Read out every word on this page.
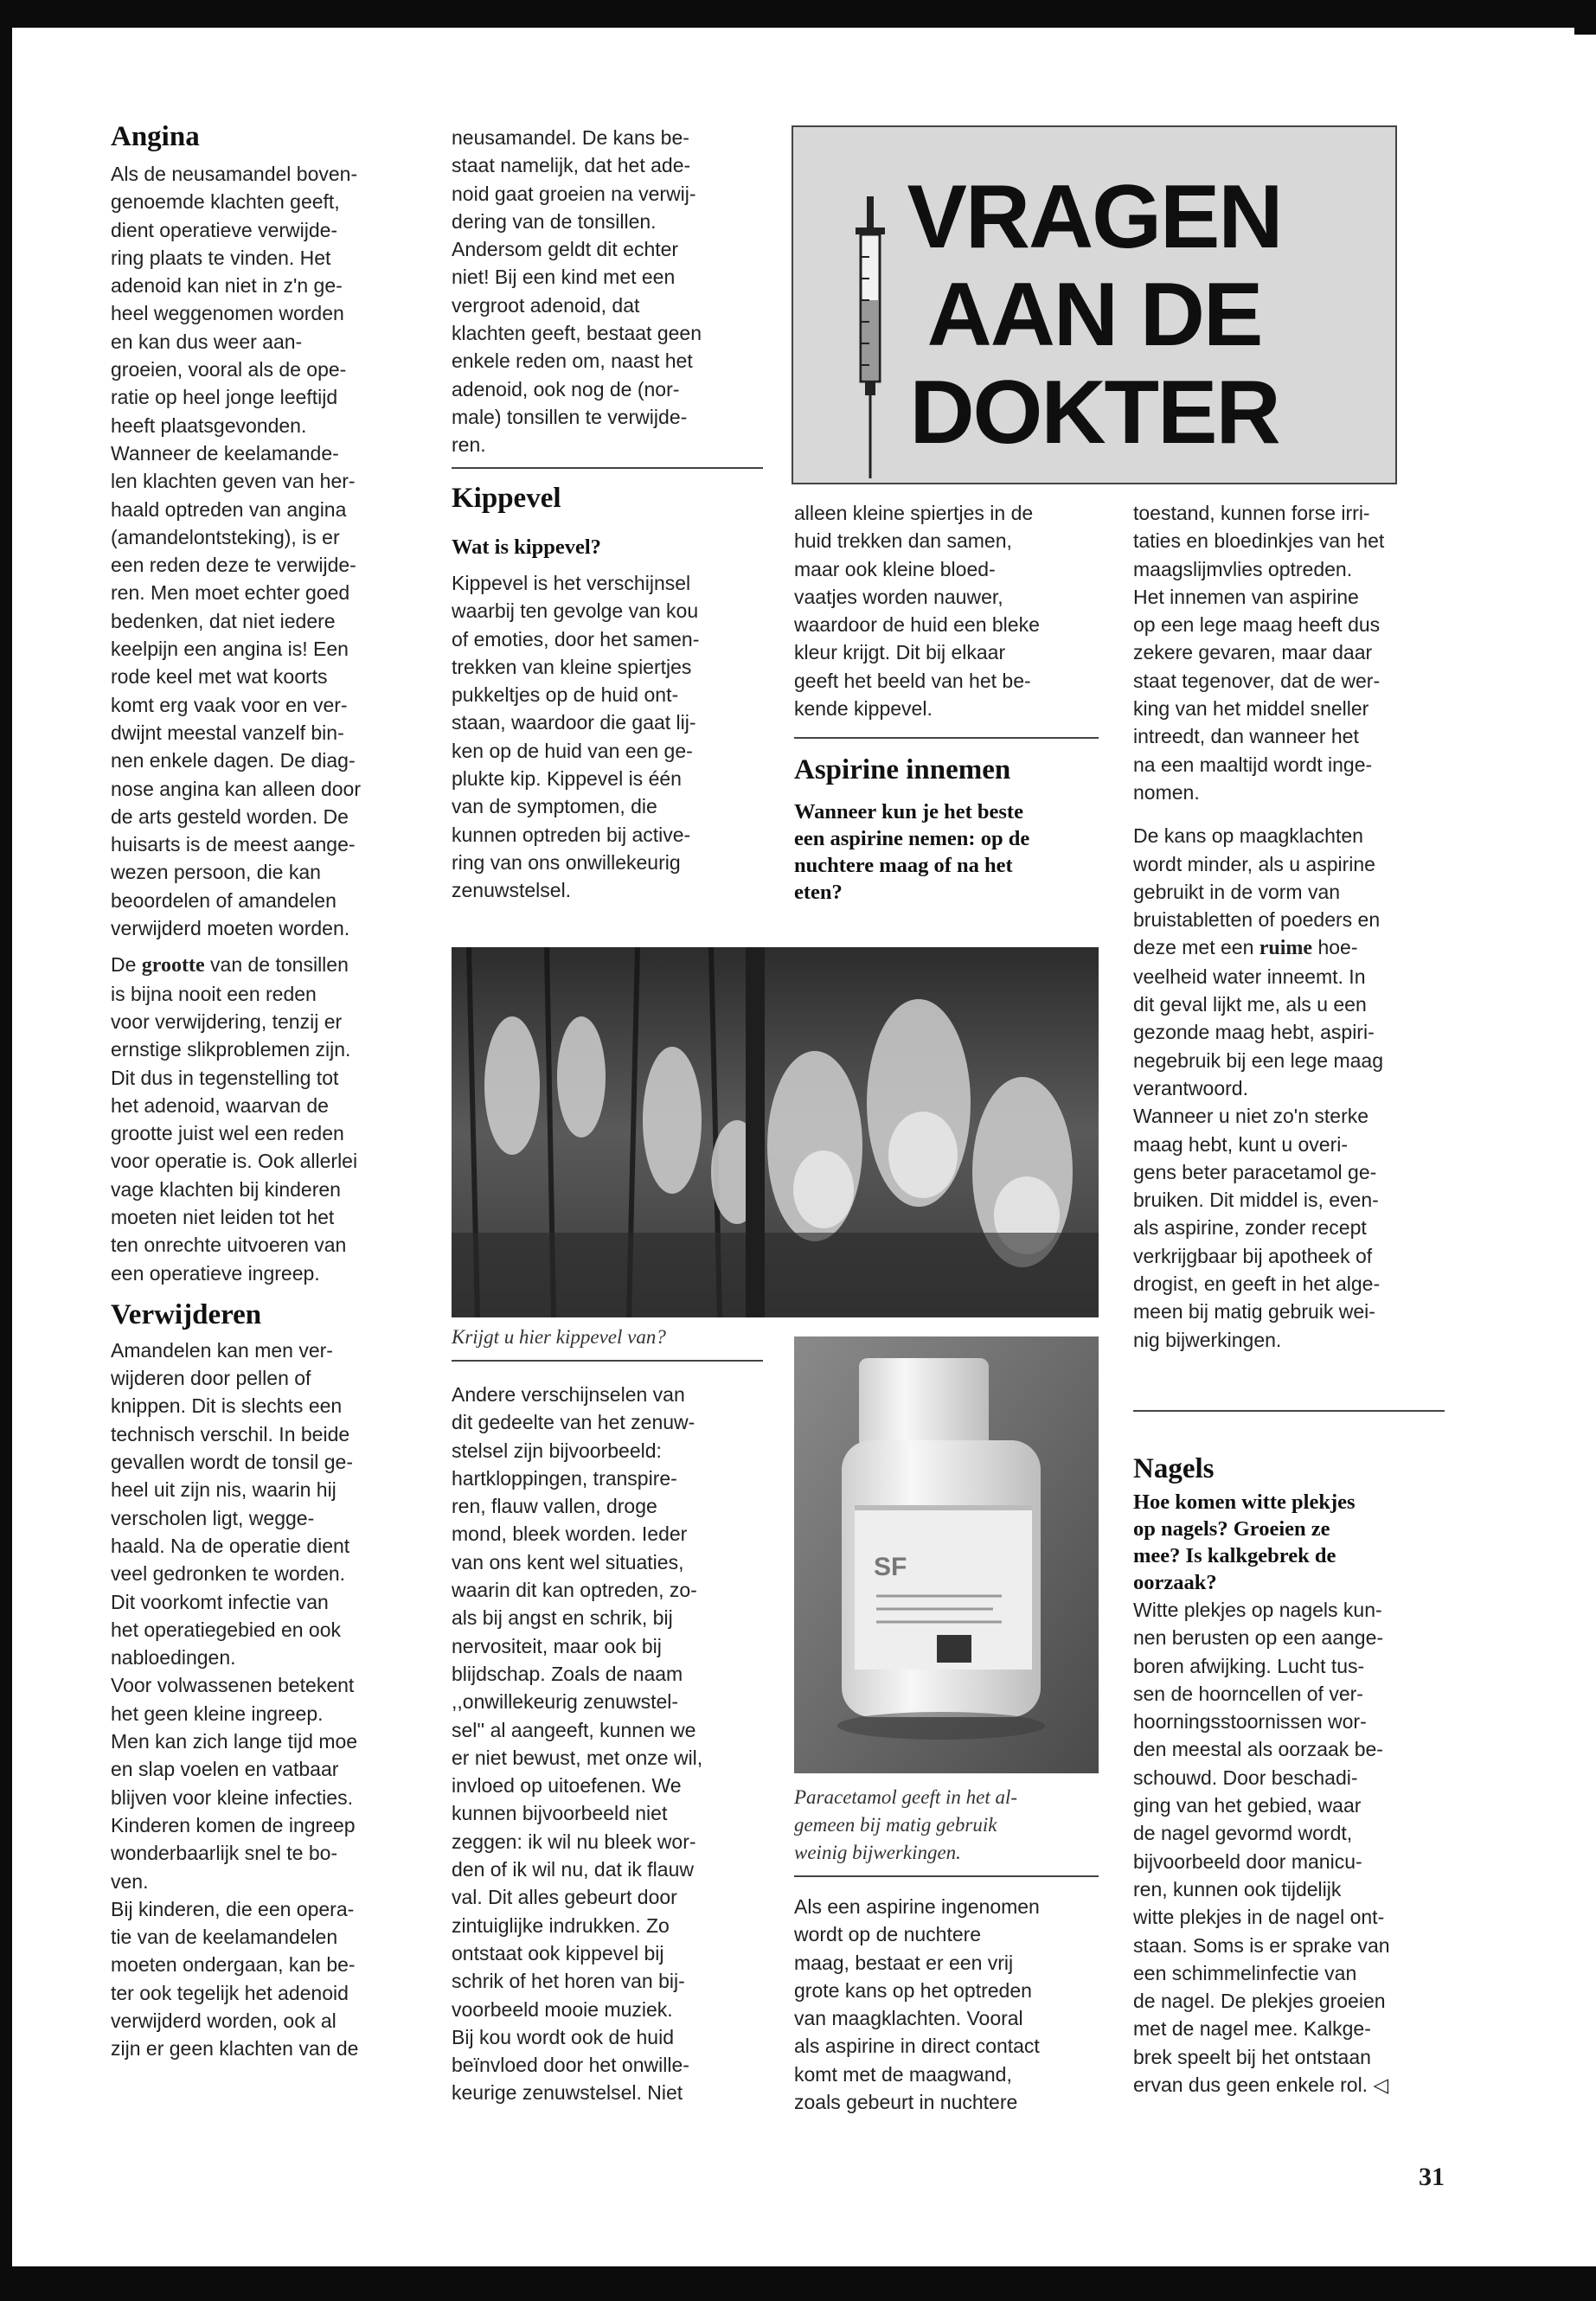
Angina

Als de neusamandel boven-
genoemde klachten geeft,
dient operatieve verwijde-
ring plaats te vinden. Het
adenoid kan niet in z'n ge-
heel weggenomen worden
en kan dus weer aan-
groeien, vooral als de ope-
ratie op heel jonge leeftijd
heeft plaatsgevonden.
Wanneer de keelamande-
len klachten geven van her-
haald optreden van angina
(amandelontsteking), is er
een reden deze te verwijde-
ren. Men moet echter goed
bedenken, dat niet iedere
keelpijn een angina is! Een
rode keel met wat koorts
komt erg vaak voor en ver-
dwijnt meestal vanzelf bin-
nen enkele dagen. De diag-
nose angina kan alleen door
de arts gesteld worden. De
huisarts is de meest aange-
wezen persoon, die kan
beoordelen of amandelen
verwijderd moeten worden.

De grootte van de tonsillen
is bijna nooit een reden
voor verwijdering, tenzij er
ernstige slikproblemen zijn.
Dit dus in tegenstelling tot
het adenoid, waarvan de
grootte juist wel een reden
voor operatie is. Ook allerlei
vage klachten bij kinderen
moeten niet leiden tot het
ten onrechte uitvoeren van
een operatieve ingreep.

Verwijderen

Amandelen kan men ver-
wijderen door pellen of
knippen. Dit is slechts een
technisch verschil. In beide
gevallen wordt de tonsil ge-
heel uit zijn nis, waarin hij
verscholen ligt, wegge-
haald. Na de operatie dient
veel gedronken te worden.
Dit voorkomt infectie van
het operatiegebied en ook
nabloedingen.
Voor volwassenen betekent
het geen kleine ingreep.
Men kan zich lange tijd moe
en slap voelen en vatbaar
blijven voor kleine infecties.
Kinderen komen de ingreep
wonderbaarlijk snel te bo-
ven.
Bij kinderen, die een opera-
tie van de keelamandelen
moeten ondergaan, kan be-
ter ook tegelijk het adenoid
verwijderd worden, ook al
zijn er geen klachten van de

neusamandel. De kans be-
staat namelijk, dat het ade-
noid gaat groeien na verwij-
dering van de tonsillen.
Andersom geldt dit echter
niet! Bij een kind met een
vergroot adenoid, dat
klachten geeft, bestaat geen
enkele reden om, naast het
adenoid, ook nog de (nor-
male) tonsillen te verwijde-
ren.

Kippevel

Wat is kippevel?

Kippevel is het verschijnsel
waarbij ten gevolge van kou
of emoties, door het samen-
trekken van kleine spiertjes
pukkeltjes op de huid ont-
staan, waardoor die gaat lij-
ken op de huid van een ge-
plukte kip. Kippevel is één
van de symptomen, die
kunnen optreden bij active-
ring van ons onwillekeurig
zenuwstelsel.

Krijgt u hier kippevel van?

Andere verschijnselen van
dit gedeelte van het zenuw-
stelsel zijn bijvoorbeeld:
hartkloppingen, transpire-
ren, flauw vallen, droge
mond, bleek worden. Ieder
van ons kent wel situaties,
waarin dit kan optreden, zo-
als bij angst en schrik, bij
nervositeit, maar ook bij
blijdschap. Zoals de naam
,,onwillekeurig zenuwstel-
sel'' al aangeeft, kunnen we
er niet bewust, met onze wil,
invloed op uitoefenen. We
kunnen bijvoorbeeld niet
zeggen: ik wil nu bleek wor-
den of ik wil nu, dat ik flauw
val. Dit alles gebeurt door
zintuiglijke indrukken. Zo
ontstaat ook kippevel bij
schrik of het horen van bij-
voorbeeld mooie muziek.
Bij kou wordt ook de huid
beïnvloed door het onwille-
keurige zenuwstelsel. Niet

VRAGEN
AAN DE
DOKTER

alleen kleine spiertjes in de
huid trekken dan samen,
maar ook kleine bloed-
vaatjes worden nauwer,
waardoor de huid een bleke
kleur krijgt. Dit bij elkaar
geeft het beeld van het be-
kende kippevel.

Aspirine innemen

Wanneer kun je het beste
een aspirine nemen: op de
nuchtere maag of na het
eten?

SF

Paracetamol geeft in het al-
gemeen bij matig gebruik
weinig bijwerkingen.

Als een aspirine ingenomen
wordt op de nuchtere
maag, bestaat er een vrij
grote kans op het optreden
van maagklachten. Vooral
als aspirine in direct contact
komt met de maagwand,
zoals gebeurt in nuchtere

toestand, kunnen forse irri-
taties en bloedinkjes van het
maagslijmvlies optreden.
Het innemen van aspirine
op een lege maag heeft dus
zekere gevaren, maar daar
staat tegenover, dat de wer-
king van het middel sneller
intreedt, dan wanneer het
na een maaltijd wordt inge-
nomen.

De kans op maagklachten
wordt minder, als u aspirine
gebruikt in de vorm van
bruistabletten of poeders en
deze met een ruime hoe-
veelheid water inneemt. In
dit geval lijkt me, als u een
gezonde maag hebt, aspiri-
negebruik bij een lege maag
verantwoord.
Wanneer u niet zo'n sterke
maag hebt, kunt u overi-
gens beter paracetamol ge-
bruiken. Dit middel is, even-
als aspirine, zonder recept
verkrijgbaar bij apotheek of
drogist, en geeft in het alge-
meen bij matig gebruik wei-
nig bijwerkingen.

Nagels

Hoe komen witte plekjes
op nagels? Groeien ze
mee? Is kalkgebrek de
oorzaak?

Witte plekjes op nagels kun-
nen berusten op een aange-
boren afwijking. Lucht tus-
sen de hoorncellen of ver-
hoorningsstoornissen wor-
den meestal als oorzaak be-
schouwd. Door beschadi-
ging van het gebied, waar
de nagel gevormd wordt,
bijvoorbeeld door manicu-
ren, kunnen ook tijdelijk
witte plekjes in de nagel ont-
staan. Soms is er sprake van
een schimmelinfectie van
de nagel. De plekjes groeien
met de nagel mee. Kalkge-
brek speelt bij het ontstaan
ervan dus geen enkele rol. ◁

31
